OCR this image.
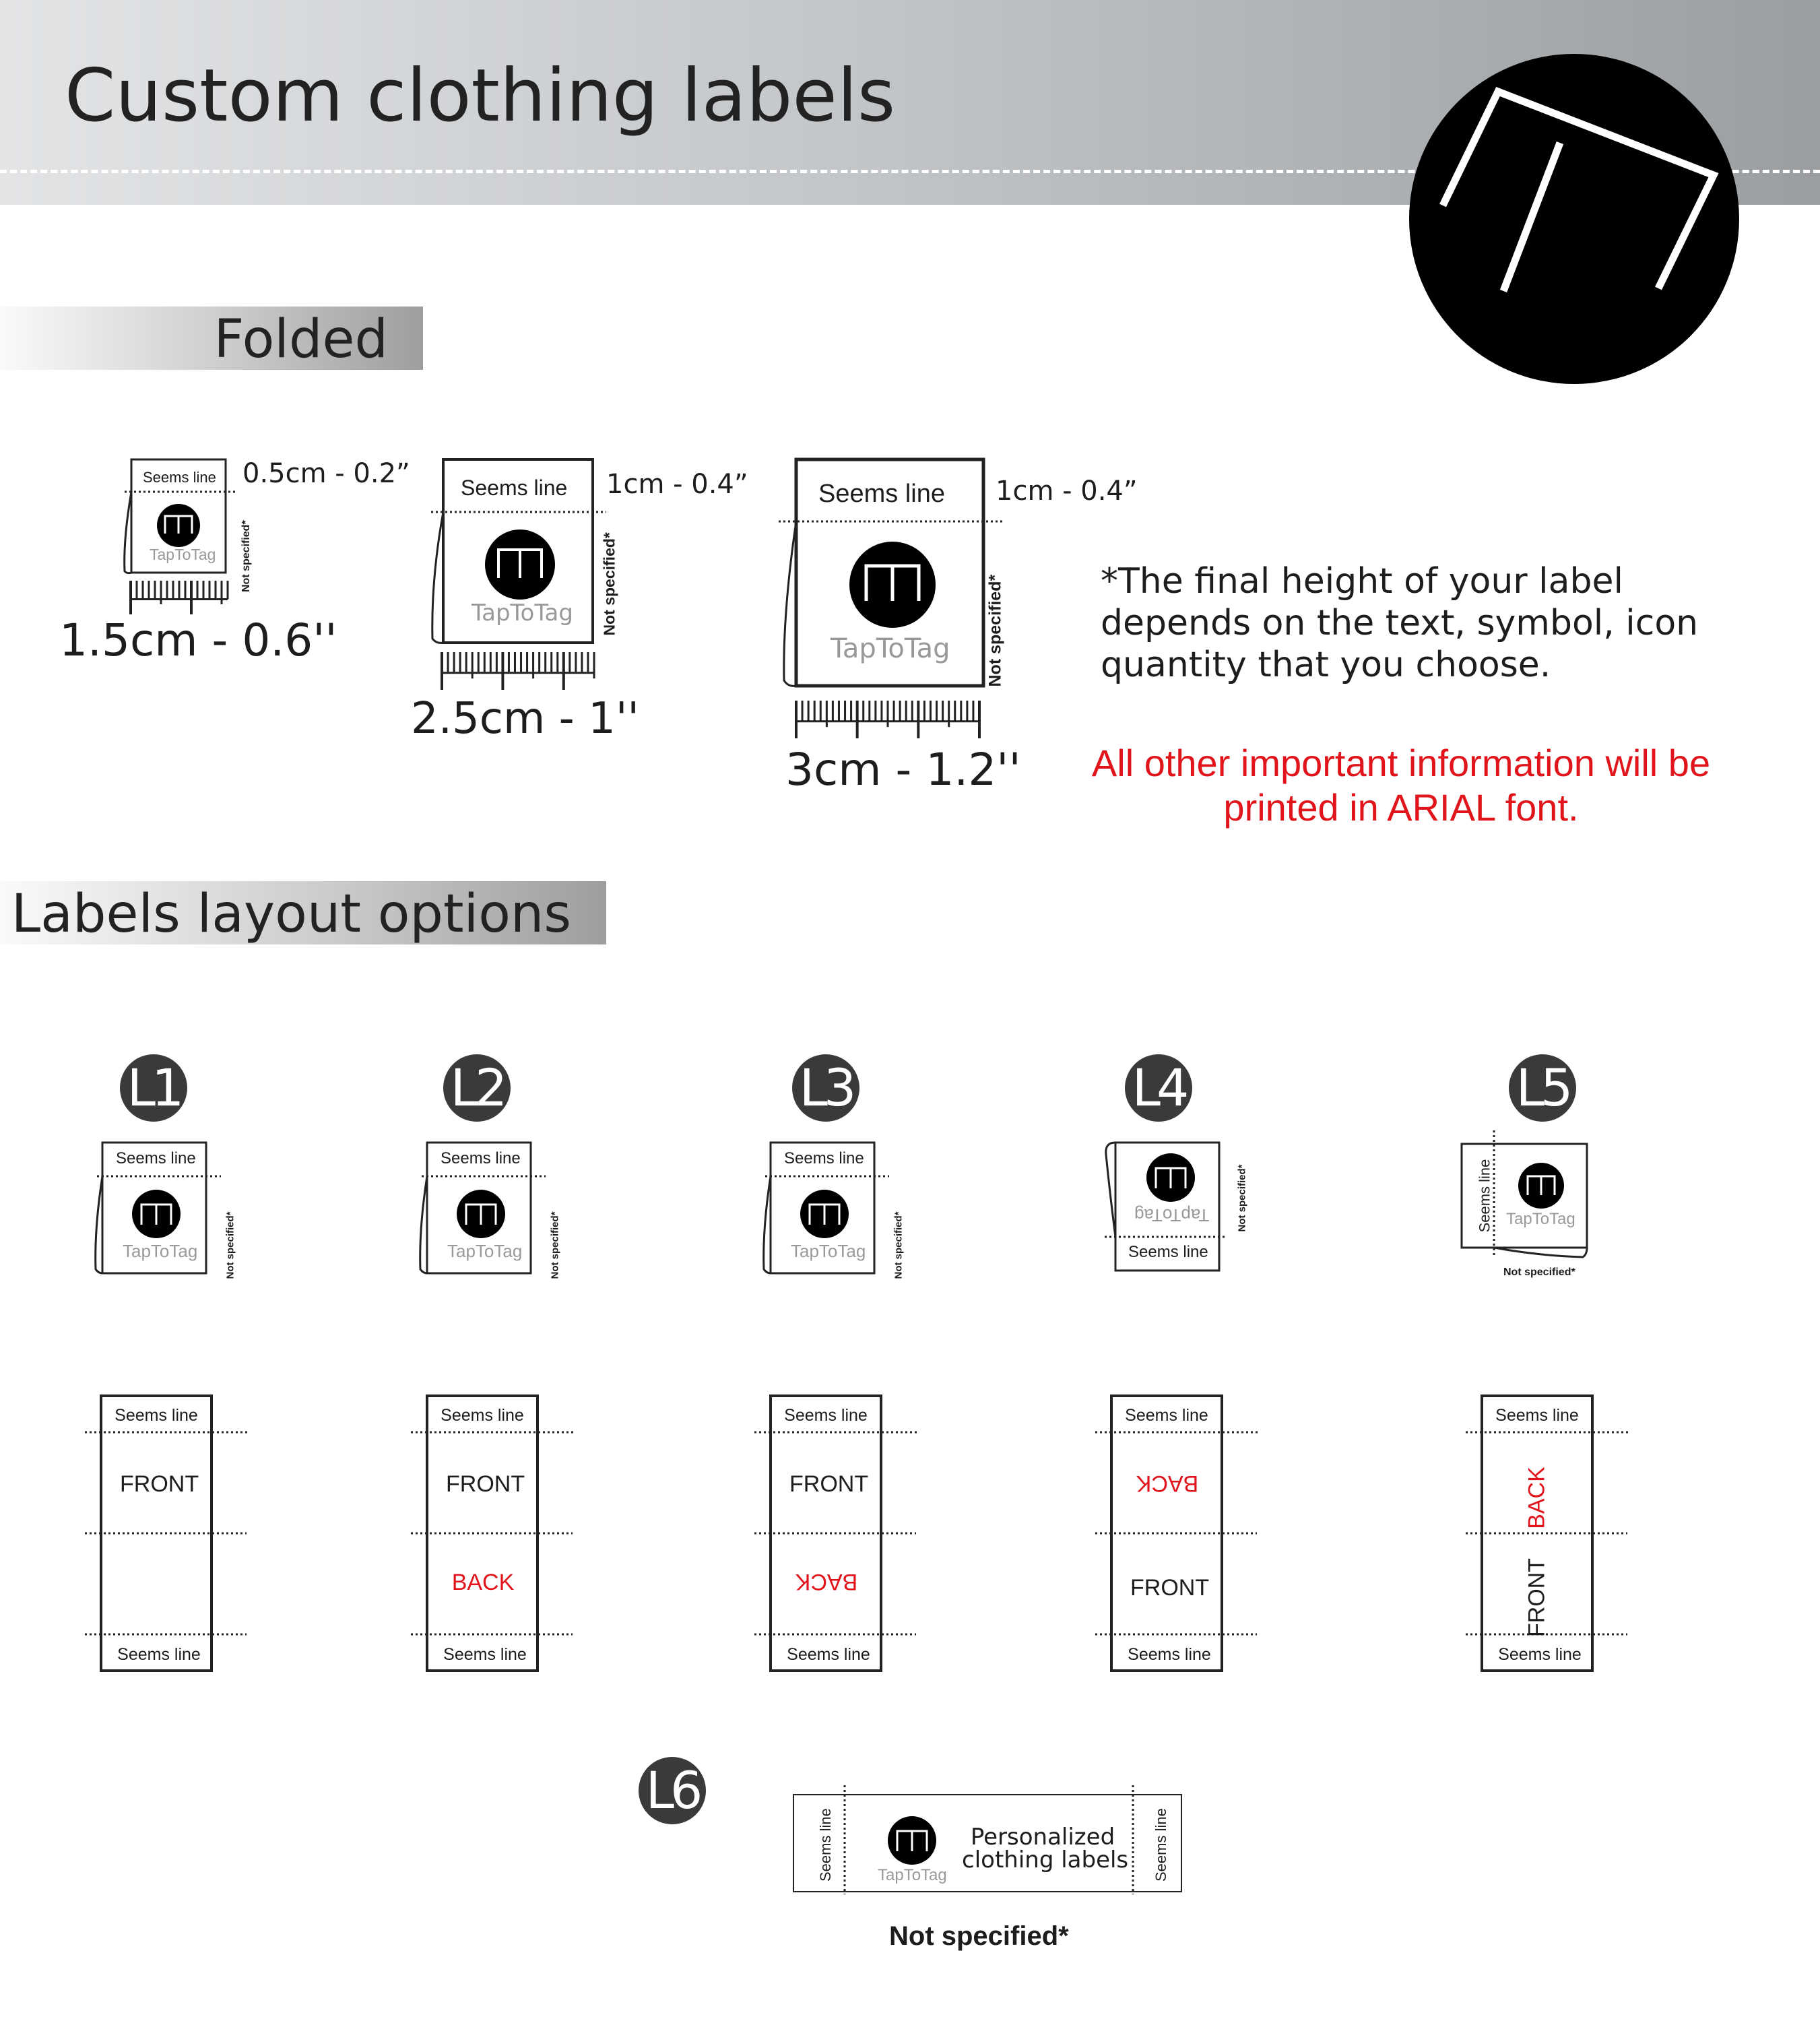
Custom clothing labels
Folded
Seems line
TapToTag Not specified*
0.5cm - 0.2”
1.5cm - 0.6''
Seems line
TapToTag Not specified*
1cm - 0.4”
2.5cm - 1''
Seems line
TapToTag Not specified*
1cm - 0.4”
3cm - 1.2''
*The final height of your label depends on the text, symbol, icon quantity that you choose.
All other important information will be printed in ARIAL font.
Labels layout options
L1	L2	L3	L4	L5
L6
Seems line
TapToTag	Not specified*
Seems line
TapToTag	Not specified*
Seems line
TapToTag	Not specified*	TapToTag
Seems line
Not specified*	Seems line TapToTag
Not specified*
Seems line
FRONT
Seems line
Seems line
FRONT
BACK
Seems line
Seems line
FRONT
BACK
Seems line
Seems line
FRONT
BACK
Seems line
Seems line
FRONT
BACK
Seems line
Seems line	Seems line
TapToTag
Personalized
clothing labels
Not specified*
